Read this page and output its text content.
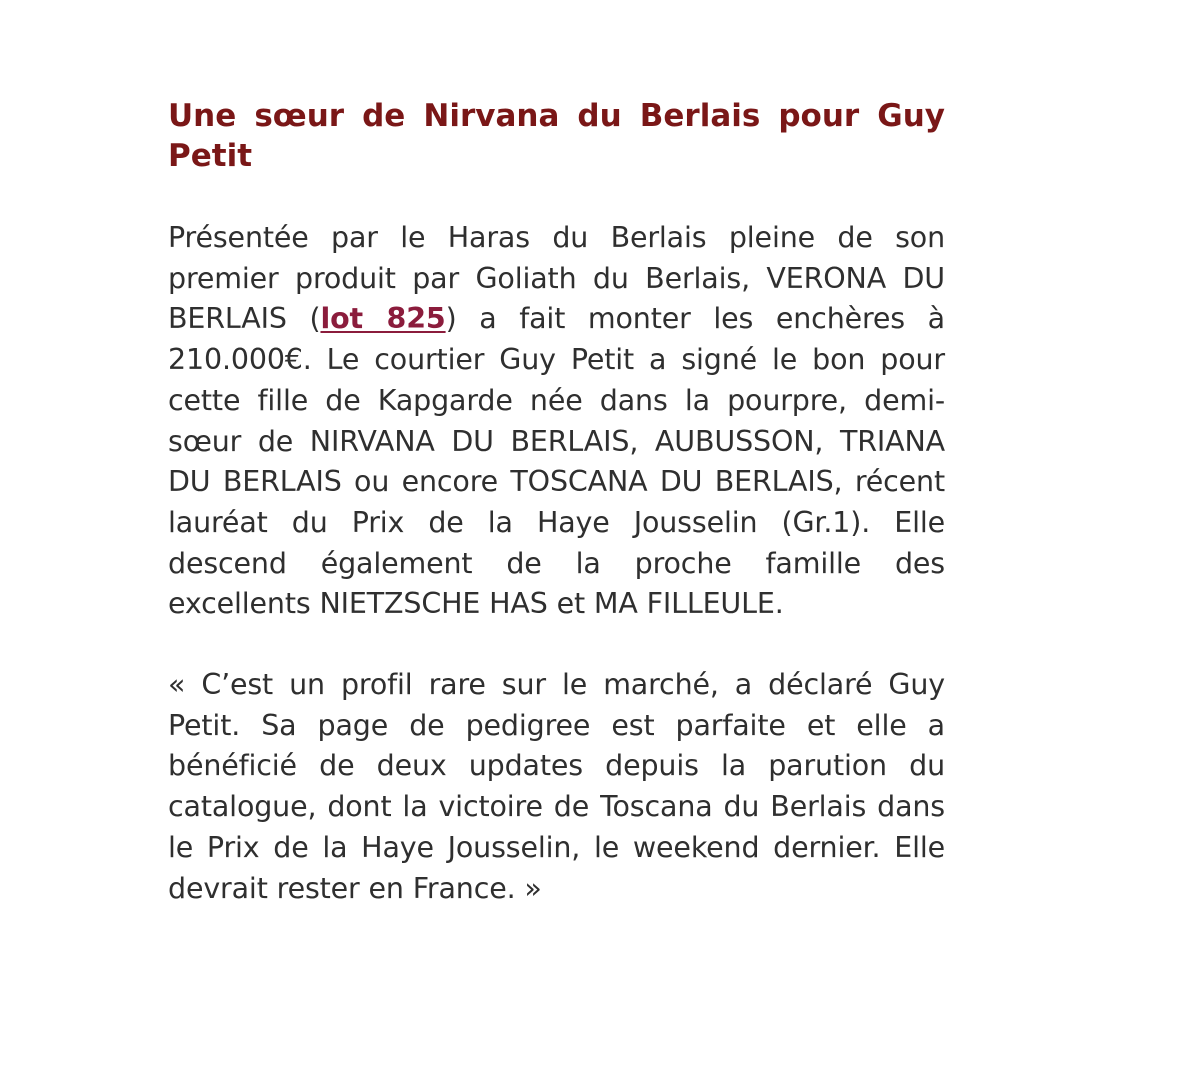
Une sœur de Nirvana du Berlais pour Guy Petit

Présentée par le Haras du Berlais pleine de son premier produit par Goliath du Berlais, VERONA DU BERLAIS (lot 825) a fait monter les enchères à 210.000€. Le courtier Guy Petit a signé le bon pour cette fille de Kapgarde née dans la pourpre, demi-sœur de NIRVANA DU BERLAIS, AUBUSSON, TRIANA DU BERLAIS ou encore TOSCANA DU BERLAIS, récent lauréat du Prix de la Haye Jousselin (Gr.1). Elle descend également de la proche famille des excellents NIETZSCHE HAS et MA FILLEULE.

« C’est un profil rare sur le marché, a déclaré Guy Petit. Sa page de pedigree est parfaite et elle a bénéficié de deux updates depuis la parution du catalogue, dont la victoire de Toscana du Berlais dans le Prix de la Haye Jousselin, le weekend dernier. Elle devrait rester en France. »
